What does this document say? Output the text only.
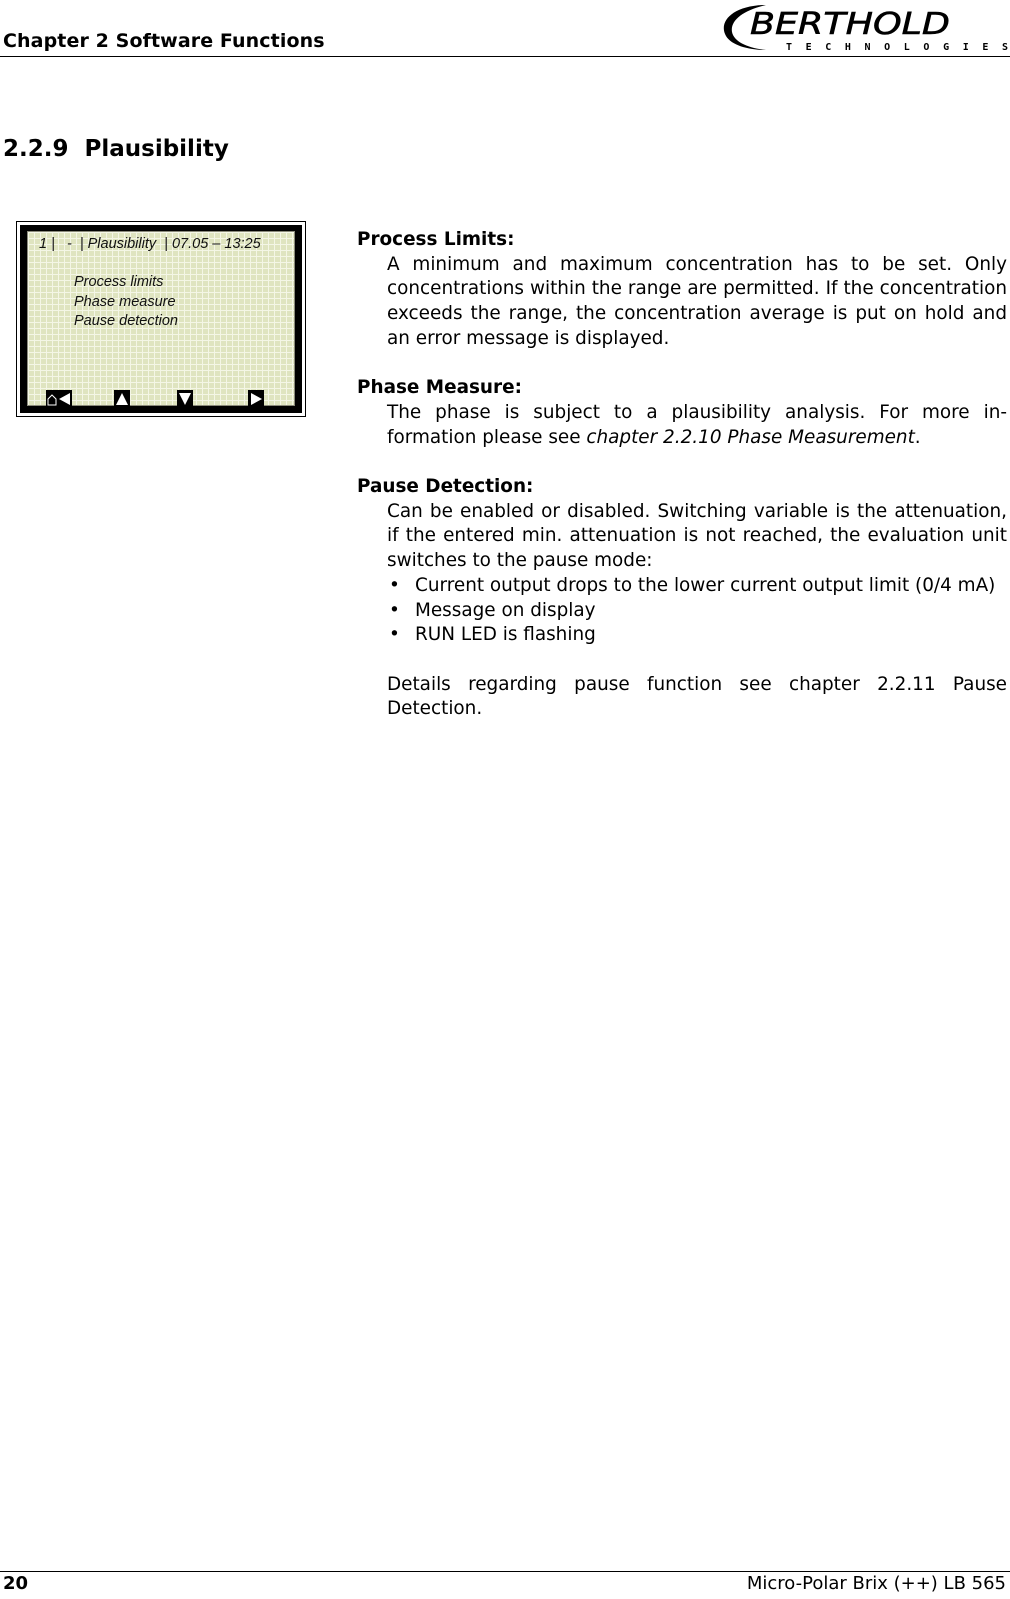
Chapter 2 Software Functions	BERTHOLD
TECHNOLOGIES
2.2.9  Plausibility
1 |   -  | Plausibility  | 07.05 – 13:25
Process limits
Phase measure
Pause detection
Process Limits:
A minimum and maximum concentration has to be set. Only concentrations within the range are permitted. If the concentration exceeds the range, the concentration average is put on hold and an error message is displayed.
Phase Measure:
The phase is subject to a plausibility analysis. For more information please see chapter 2.2.10 Phase Measurement.
Pause Detection:
Can be enabled or disabled. Switching variable is the attenuation, if the entered min. attenuation is not reached, the evaluation unit switches to the pause mode:
• Current output drops to the lower current output limit (0/4 mA)
• Message on display
• RUN LED is flashing
Details regarding pause function see chapter 2.2.11 Pause Detection.
20	Micro-Polar Brix (++) LB 565
